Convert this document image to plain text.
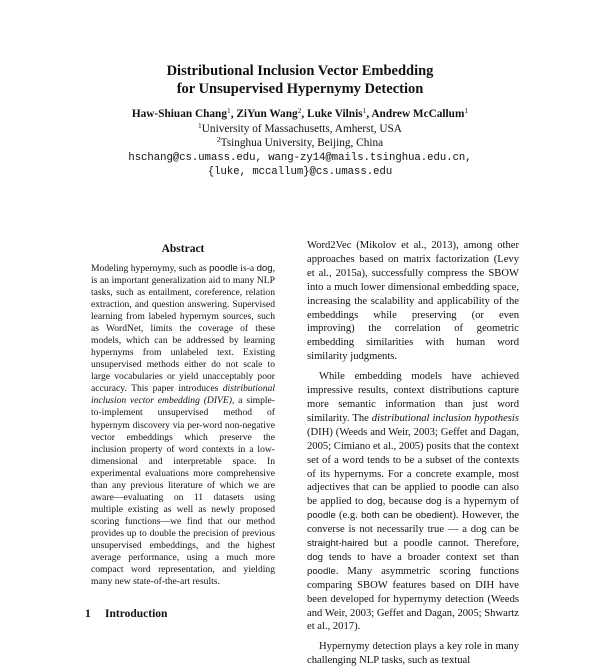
Distributional Inclusion Vector Embedding
for Unsupervised Hypernymy Detection
Haw-Shiuan Chang$^1$, ZiYun Wang$^2$, Luke Vilnis$^1$, Andrew McCallum$^1$
$^1$University of Massachusetts, Amherst, USA
$^2$Tsinghua University, Beijing, China
hschang@cs.umass.edu, wang-zy14@mails.tsinghua.edu.cn,
{luke, mccallum}@cs.umass.edu
Abstract

Modeling hypernymy, such as poodle is-a dog, is an important generalization aid to many NLP tasks, such as entailment, coreference, relation extraction, and question answering. Supervised learning from labeled hypernym sources, such as WordNet, limits the coverage of these models, which can be addressed by learning hypernyms from unlabeled text. Existing unsupervised methods either do not scale to large vocabularies or yield unacceptably poor accuracy. This paper introduces distributional inclusion vector embedding (DIVE), a simple-to-implement unsupervised method of hypernym discovery via per-word non-negative vector embeddings which preserve the inclusion property of word contexts in a low-dimensional and interpretable space. In experimental evaluations more comprehensive than any previous literature of which we are aware—evaluating on 11 datasets using multiple existing as well as newly proposed scoring functions—we find that our method provides up to double the precision of previous unsupervised embeddings, and the highest average performance, using a much more compact word representation, and yielding many new state-of-the-art results.

1 Introduction

Word2Vec (Mikolov et al., 2013), among other approaches based on matrix factorization (Levy et al., 2015a), successfully compress the SBOW into a much lower dimensional embedding space, increasing the scalability and applicability of the embeddings while preserving (or even improving) the correlation of geometric embedding similarities with human word similarity judgments.

While embedding models have achieved impressive results, context distributions capture more semantic information than just word similarity. The distributional inclusion hypothesis (DIH) (Weeds and Weir, 2003; Geffet and Dagan, 2005; Cimiano et al., 2005) posits that the context set of a word tends to be a subset of the contexts of its hypernyms. For a concrete example, most adjectives that can be applied to poodle can also be applied to dog, because dog is a hypernym of poodle (e.g. both can be obedient). However, the converse is not necessarily true — a dog can be straight-haired but a poodle cannot. Therefore, dog tends to have a broader context set than poodle. Many asymmetric scoring functions comparing SBOW features based on DIH have been developed for hypernymy detection (Weeds and Weir, 2003; Geffet and Dagan, 2005; Shwartz et al., 2017).

Hypernymy detection plays a key role in many challenging NLP tasks, such as textual
